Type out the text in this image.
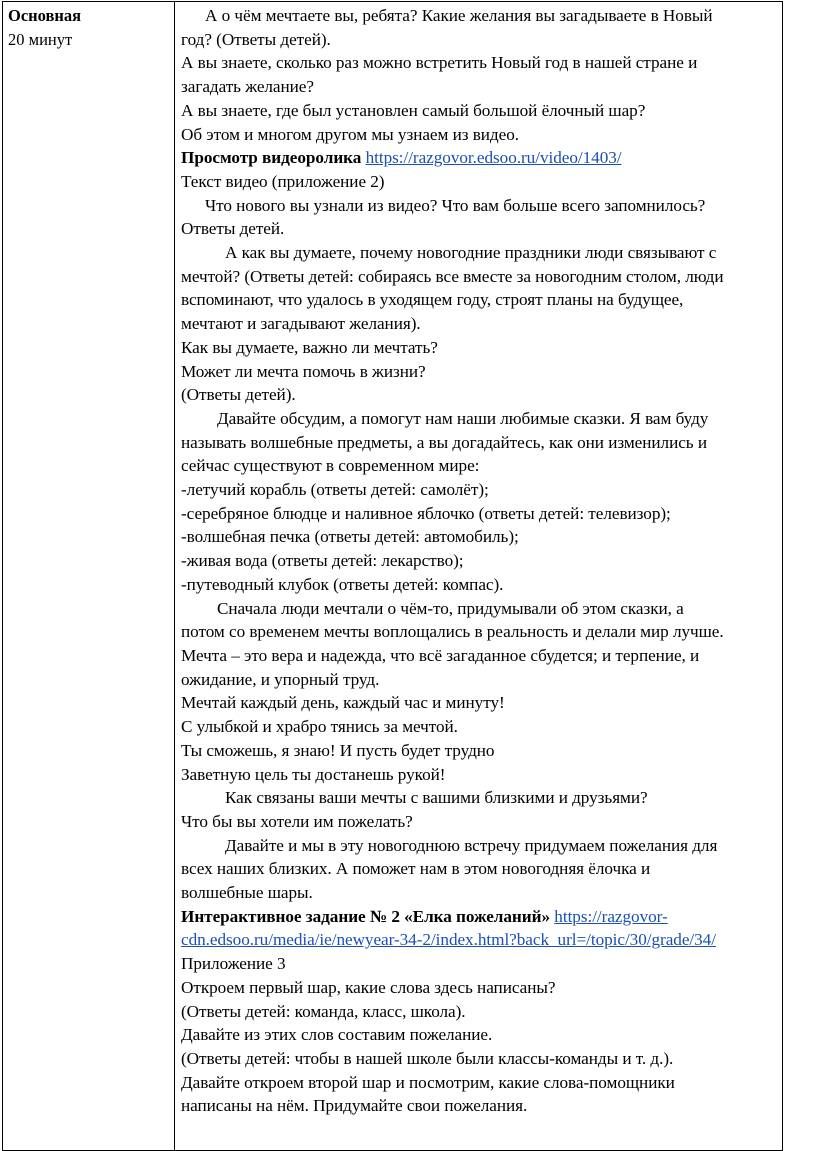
Основная
20 минут
А о чём мечтаете вы, ребята? Какие желания вы загадываете в Новый
год? (Ответы детей).
А вы знаете, сколько раз можно встретить Новый год в нашей стране и
загадать желание?
А вы знаете, где был установлен самый большой ёлочный шар?
Об этом и многом другом мы узнаем из видео.
Просмотр видеоролика https://razgovor.edsoo.ru/video/1403/
Текст видео (приложение 2)
Что нового вы узнали из видео? Что вам больше всего запомнилось?
Ответы детей.
А как вы думаете, почему новогодние праздники люди связывают с
мечтой? (Ответы детей: собираясь все вместе за новогодним столом, люди
вспоминают, что удалось в уходящем году, строят планы на будущее,
мечтают и загадывают желания).
Как вы думаете, важно ли мечтать?
Может ли мечта помочь в жизни?
(Ответы детей).
Давайте обсудим, а помогут нам наши любимые сказки. Я вам буду
называть волшебные предметы, а вы догадайтесь, как они изменились и
сейчас существуют в современном мире:
-летучий корабль (ответы детей: самолёт);
-серебряное блюдце и наливное яблочко (ответы детей: телевизор);
-волшебная печка (ответы детей: автомобиль);
-живая вода (ответы детей: лекарство);
-путеводный клубок (ответы детей: компас).
Сначала люди мечтали о чём-то, придумывали об этом сказки, а
потом со временем мечты воплощались в реальность и делали мир лучше.
Мечта – это вера и надежда, что всё загаданное сбудется; и терпение, и
ожидание, и упорный труд.
Мечтай каждый день, каждый час и минуту!
С улыбкой и храбро тянись за мечтой.
Ты сможешь, я знаю! И пусть будет трудно
Заветную цель ты достанешь рукой!
Как связаны ваши мечты с вашими близкими и друзьями?
Что бы вы хотели им пожелать?
Давайте и мы в эту новогоднюю встречу придумаем пожелания для
всех наших близких. А поможет нам в этом новогодняя ёлочка и
волшебные шары.
Интерактивное задание № 2 «Елка пожеланий» https://razgovor-
cdn.edsoo.ru/media/ie/newyear-34-2/index.html?back_url=/topic/30/grade/34/
Приложение 3
Откроем первый шар, какие слова здесь написаны?
(Ответы детей: команда, класс, школа).
Давайте из этих слов составим пожелание.
(Ответы детей: чтобы в нашей школе были классы-команды и т. д.).
Давайте откроем второй шар и посмотрим, какие слова-помощники
написаны на нём. Придумайте свои пожелания.
